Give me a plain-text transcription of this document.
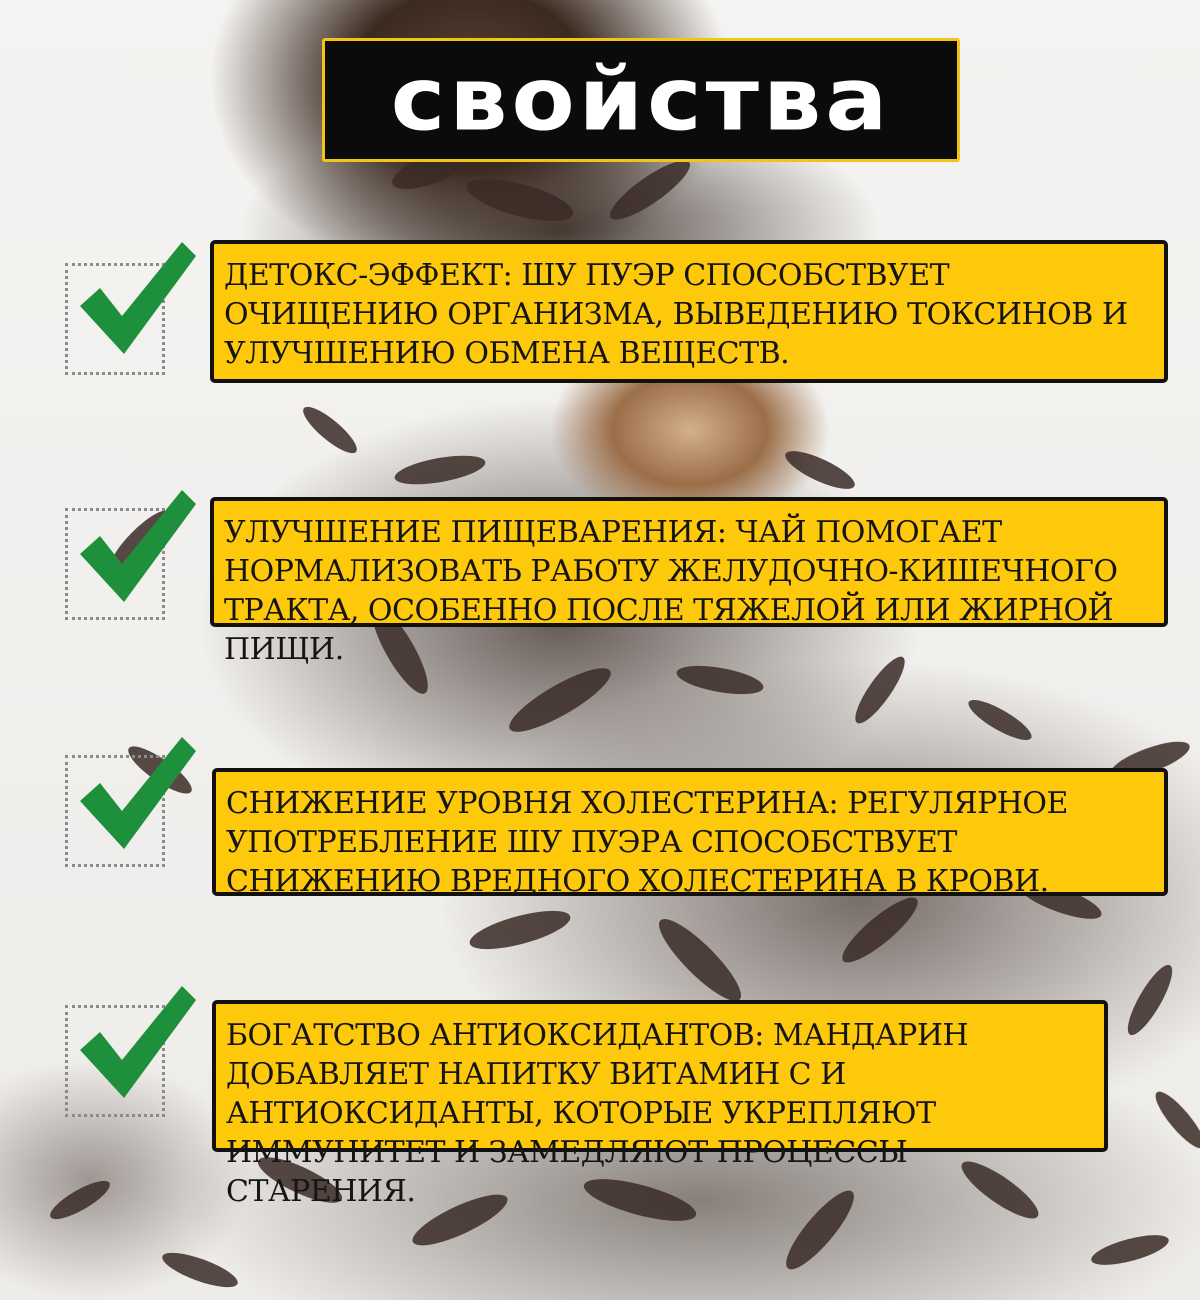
свойства

ДЕТОКС-ЭФФЕКТ: ШУ ПУЭР СПОСОБСТВУЕТ ОЧИЩЕНИЮ ОРГАНИЗМА, ВЫВЕДЕНИЮ ТОКСИНОВ И УЛУЧШЕНИЮ ОБМЕНА ВЕЩЕСТВ.

УЛУЧШЕНИЕ ПИЩЕВАРЕНИЯ: ЧАЙ ПОМОГАЕТ НОРМАЛИЗОВАТЬ РАБОТУ ЖЕЛУДОЧНО-КИШЕЧНОГО ТРАКТА, ОСОБЕННО ПОСЛЕ ТЯЖЕЛОЙ ИЛИ ЖИРНОЙ ПИЩИ.

СНИЖЕНИЕ УРОВНЯ ХОЛЕСТЕРИНА: РЕГУЛЯРНОЕ УПОТРЕБЛЕНИЕ ШУ ПУЭРА СПОСОБСТВУЕТ СНИЖЕНИЮ ВРЕДНОГО ХОЛЕСТЕРИНА В КРОВИ.

БОГАТСТВО АНТИОКСИДАНТОВ: МАНДАРИН ДОБАВЛЯЕТ НАПИТКУ ВИТАМИН С И АНТИОКСИДАНТЫ, КОТОРЫЕ УКРЕПЛЯЮТ ИММУНИТЕТ И ЗАМЕДЛЯЮТ ПРОЦЕССЫ СТАРЕНИЯ.
